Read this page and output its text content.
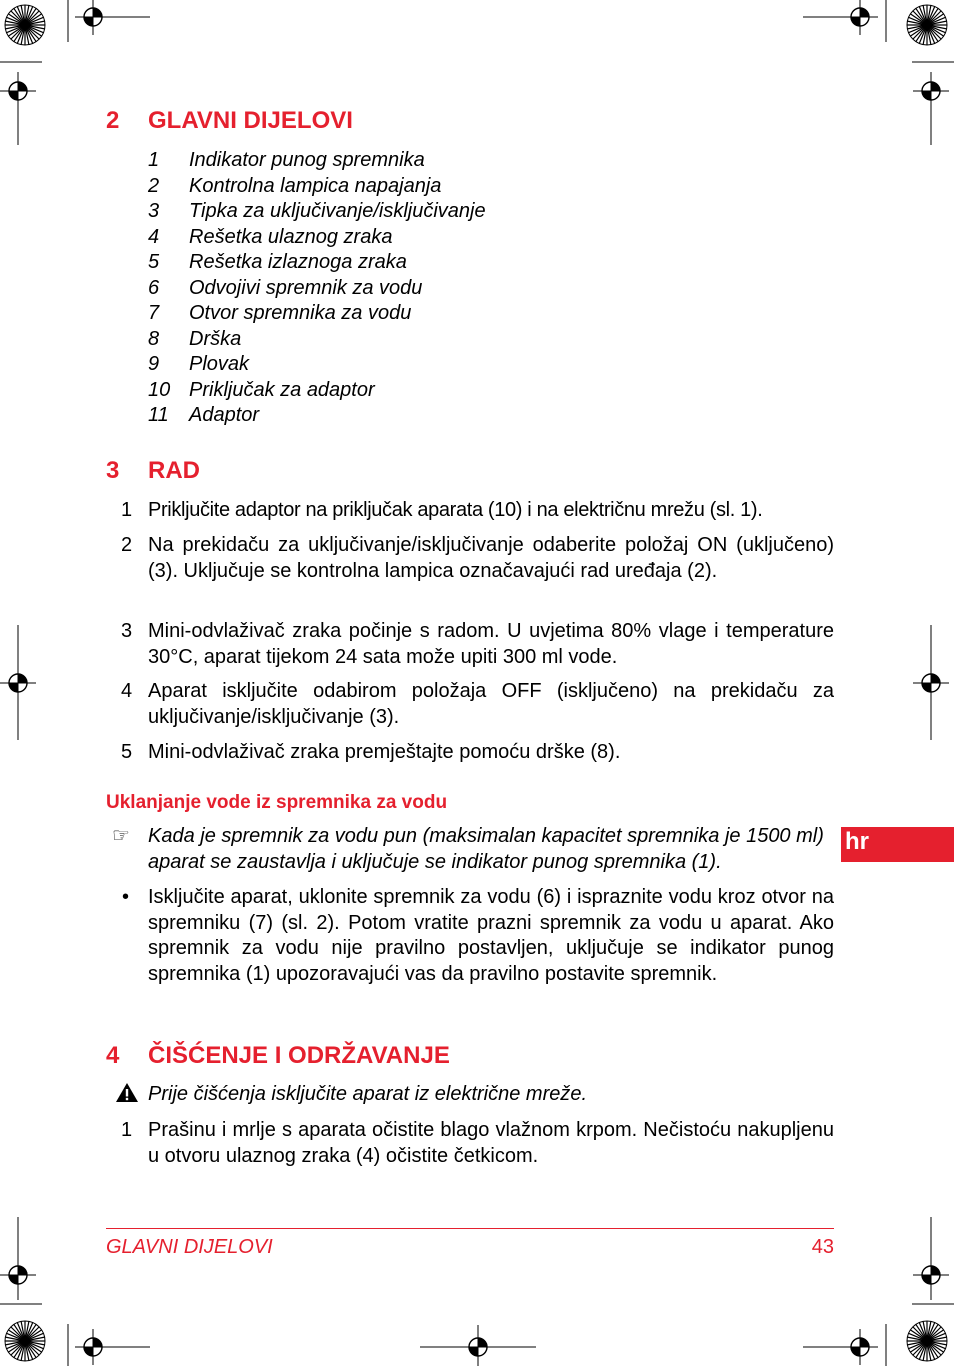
2 GLAVNI DIJELOVI
1 Indikator punog spremnika
2 Kontrolna lampica napajanja
3 Tipka za uključivanje/isključivanje
4 Rešetka ulaznog zraka
5 Rešetka izlaznoga zraka
6 Odvojivi spremnik za vodu
7 Otvor spremnika za vodu
8 Drška
9 Plovak
10 Priključak za adaptor
11 Adaptor
3 RAD
1 Priključite adaptor na priključak aparata (10) i na električnu mrežu (sl. 1).
2 Na prekidaču za uključivanje/isključivanje odaberite položaj ON (uključeno) (3). Uključuje se kontrolna lampica označavajući rad uređaja (2).
3 Mini-odvlaživač zraka počinje s radom. U uvjetima 80% vlage i temperature 30°C, aparat tijekom 24 sata može upiti 300 ml vode.
4 Aparat isključite odabirom položaja OFF (isključeno) na prekidaču za uključivanje/isključivanje (3).
5 Mini-odvlaživač zraka premještajte pomoću drške (8).
Uklanjanje vode iz spremnika za vodu
☞ Kada je spremnik za vodu pun (maksimalan kapacitet spremnika je 1500 ml) aparat se zaustavlja i uključuje se indikator punog spremnika (1).
• Isključite aparat, uklonite spremnik za vodu (6) i ispraznite vodu kroz otvor na spremniku (7) (sl. 2). Potom vratite prazni spremnik za vodu u aparat. Ako spremnik za vodu nije pravilno postavljen, uključuje se indikator punog spremnika (1) upozoravajući vas da pravilno postavite spremnik.
4 ČIŠĆENJE I ODRŽAVANJE
Prije čišćenja isključite aparat iz električne mreže.
1 Prašinu i mrlje s aparata očistite blago vlažnom krpom. Nečistoću nakupljenu u otvoru ulaznog zraka (4) očistite četkicom.
hr
GLAVNI DIJELOVI	43
